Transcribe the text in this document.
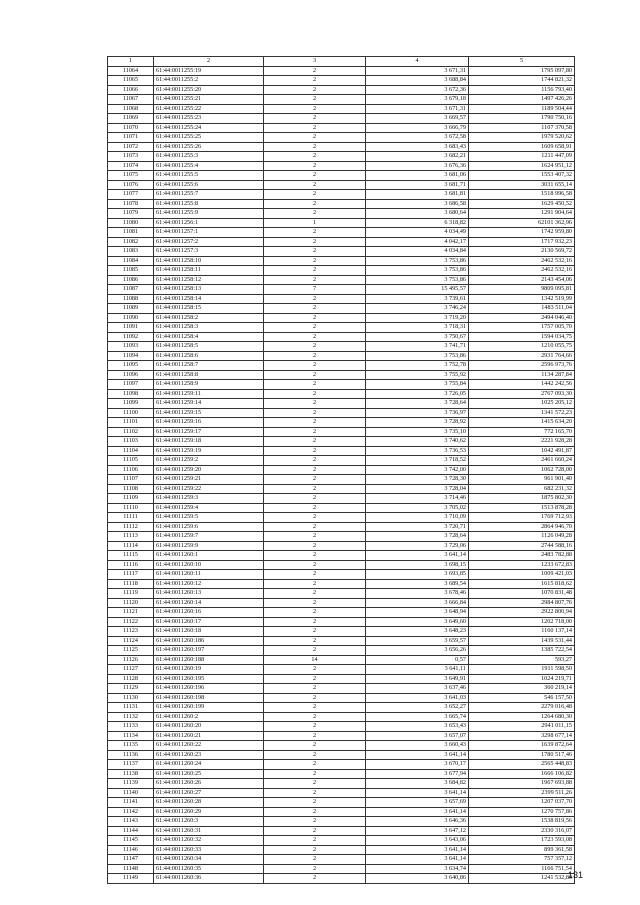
1	2	3	4	5
11064	61:44:0011255:19	2	3 671,31	1795 097,80
11065	61:44:0011255:2	2	3 688,84	1744 821,32
11066	61:44:0011255:20	2	3 672,36	1156 793,40
11067	61:44:0011255:21	2	3 679,18	1497 426,26
11068	61:44:0011255:22	2	3 671,31	1189 504,44
11069	61:44:0011255:23	2	3 669,57	1790 750,16
11070	61:44:0011255:24	2	3 666,79	1107 370,58
11071	61:44:0011255:25	2	3 672,58	1979 520,62
11072	61:44:0011255:26	2	3 683,43	1609 658,91
11073	61:44:0011255:3	2	3 682,21	1211 447,09
11074	61:44:0011255:4	2	3 676,36	1624 951,12
11075	61:44:0011255:5	2	3 681,06	1553 407,32
11076	61:44:0011255:6	2	3 681,71	3031 655,14
11077	61:44:0011255:7	2	3 681,81	1518 996,58
11078	61:44:0011255:8	2	3 686,58	1629 450,52
11079	61:44:0011255:9	2	3 680,64	1291 904,64
11080	61:44:0011256:1	1	6 318,82	62101 362,96
11081	61:44:0011257:1	2	4 034,49	1742 959,80
11082	61:44:0011257:2	2	4 042,17	1717 932,23
11083	61:44:0011257:3	2	4 034,84	2130 569,72
11084	61:44:0011258:10	2	3 753,86	2462 532,16
11085	61:44:0011258:11	2	3 753,86	2462 532,16
11086	61:44:0011258:12	2	3 753,86	2143 454,06
11087	61:44:0011258:13	7	15 495,57	9809 095,81
11088	61:44:0011258:14	2	3 739,61	1342 519,99
11089	61:44:0011258:15	2	3 746,24	1483 511,04
11090	61:44:0011258:2	2	3 719,20	2494 046,40
11091	61:44:0011258:3	2	3 718,31	1757 005,70
11092	61:44:0011258:4	2	3 750,67	1594 034,75
11093	61:44:0011258:5	2	3 741,71	1210 055,75
11094	61:44:0011258:6	2	3 753,86	2931 764,66
11095	61:44:0011258:7	2	3 752,78	2596 973,76
11096	61:44:0011258:8	2	3 755,92	1134 287,84
11097	61:44:0011258:9	2	3 755,84	1442 242,56
11098	61:44:0011259:11	2	3 726,05	2767 093,30
11099	61:44:0011259:14	2	3 728,64	1025 205,12
11100	61:44:0011259:15	2	3 736,97	1341 572,23
11101	61:44:0011259:16	2	3 728,92	1415 634,20
11102	61:44:0011259:17	2	3 735,10	772 165,70
11103	61:44:0011259:18	2	3 740,62	2221 928,28
11104	61:44:0011259:19	2	3 736,53	1042 491,87
11105	61:44:0011259:2	2	3 718,52	2461 660,24
11106	61:44:0011259:20	2	3 742,00	1062 728,00
11107	61:44:0011259:21	2	3 728,30	961 901,40
11108	61:44:0011259:22	2	3 728,04	682 231,32
11109	61:44:0011259:3	2	3 714,46	1875 802,30
11110	61:44:0011259:4	2	3 705,02	1513 878,28
11111	61:44:0011259:5	2	3 710,09	1769 712,93
11112	61:44:0011259:6	2	3 720,71	2864 946,70
11113	61:44:0011259:7	2	3 728,64	1126 049,28
11114	61:44:0011259:9	2	3 729,06	2744 588,16
11115	61:44:0011260:1	2	3 641,14	2483 782,88
11116	61:44:0011260:10	2	3 698,15	1233 672,83
11117	61:44:0011260:11	2	3 693,85	1009 421,03
11118	61:44:0011260:12	2	3 689,54	1615 818,62
11119	61:44:0011260:13	2	3 678,46	1070 831,48
11120	61:44:0011260:14	2	3 666,84	2984 807,76
11121	61:44:0011260:16	2	3 648,94	2922 800,94
11122	61:44:0011260:17	2	3 649,60	1202 718,00
11123	61:44:0011260:18	2	3 648,23	1160 137,14
11124	61:44:0011260:186	2	3 659,57	1439 531,44
11125	61:44:0011260:197	2	3 656,26	1385 722,54
11126	61:44:0011260:188	14	0,57	593,27
11127	61:44:0011260:19	2	3 641,11	1911 598,50
11128	61:44:0011260:195	2	3 649,91	1024 219,71
11129	61:44:0011260:196	2	3 637,46	360 219,14
11130	61:44:0011260:198	2	3 641,03	546 157,50
11131	61:44:0011260:199	2	3 652,27	2279 016,48
11132	61:44:0011260:2	2	3 665,74	1264 680,30
11133	61:44:0011260:20	2	3 653,43	2941 011,15
11134	61:44:0011260:21	2	3 657,07	3298 677,14
11135	61:44:0011260:22	2	3 660,43	1639 872,64
11136	61:44:0011260:23	2	3 641,14	1780 517,46
11137	61:44:0011260:24	2	3 670,17	2565 448,83
11138	61:44:0011260:25	2	3 677,94	1666 106,82
11139	61:44:0011260:26	2	3 684,82	1967 693,88
11140	61:44:0011260:27	2	3 641,14	2399 511,26
11141	61:44:0011260:28	2	3 657,69	1207 037,70
11142	61:44:0011260:29	2	3 641,14	1270 757,86
11143	61:44:0011260:3	2	3 646,36	1538 819,56
11144	61:44:0011260:31	2	3 647,12	2330 316,07
11145	61:44:0011260:32	2	3 643,06	1723 593,08
11146	61:44:0011260:33	2	3 641,14	899 361,58
11147	61:44:0011260:34	2	3 641,14	757 357,12
11148	61:44:0011260:35	2	3 634,74	1166 751,54
11149	61:44:0011260:36	2	3 640,86	1241 532,80
131
